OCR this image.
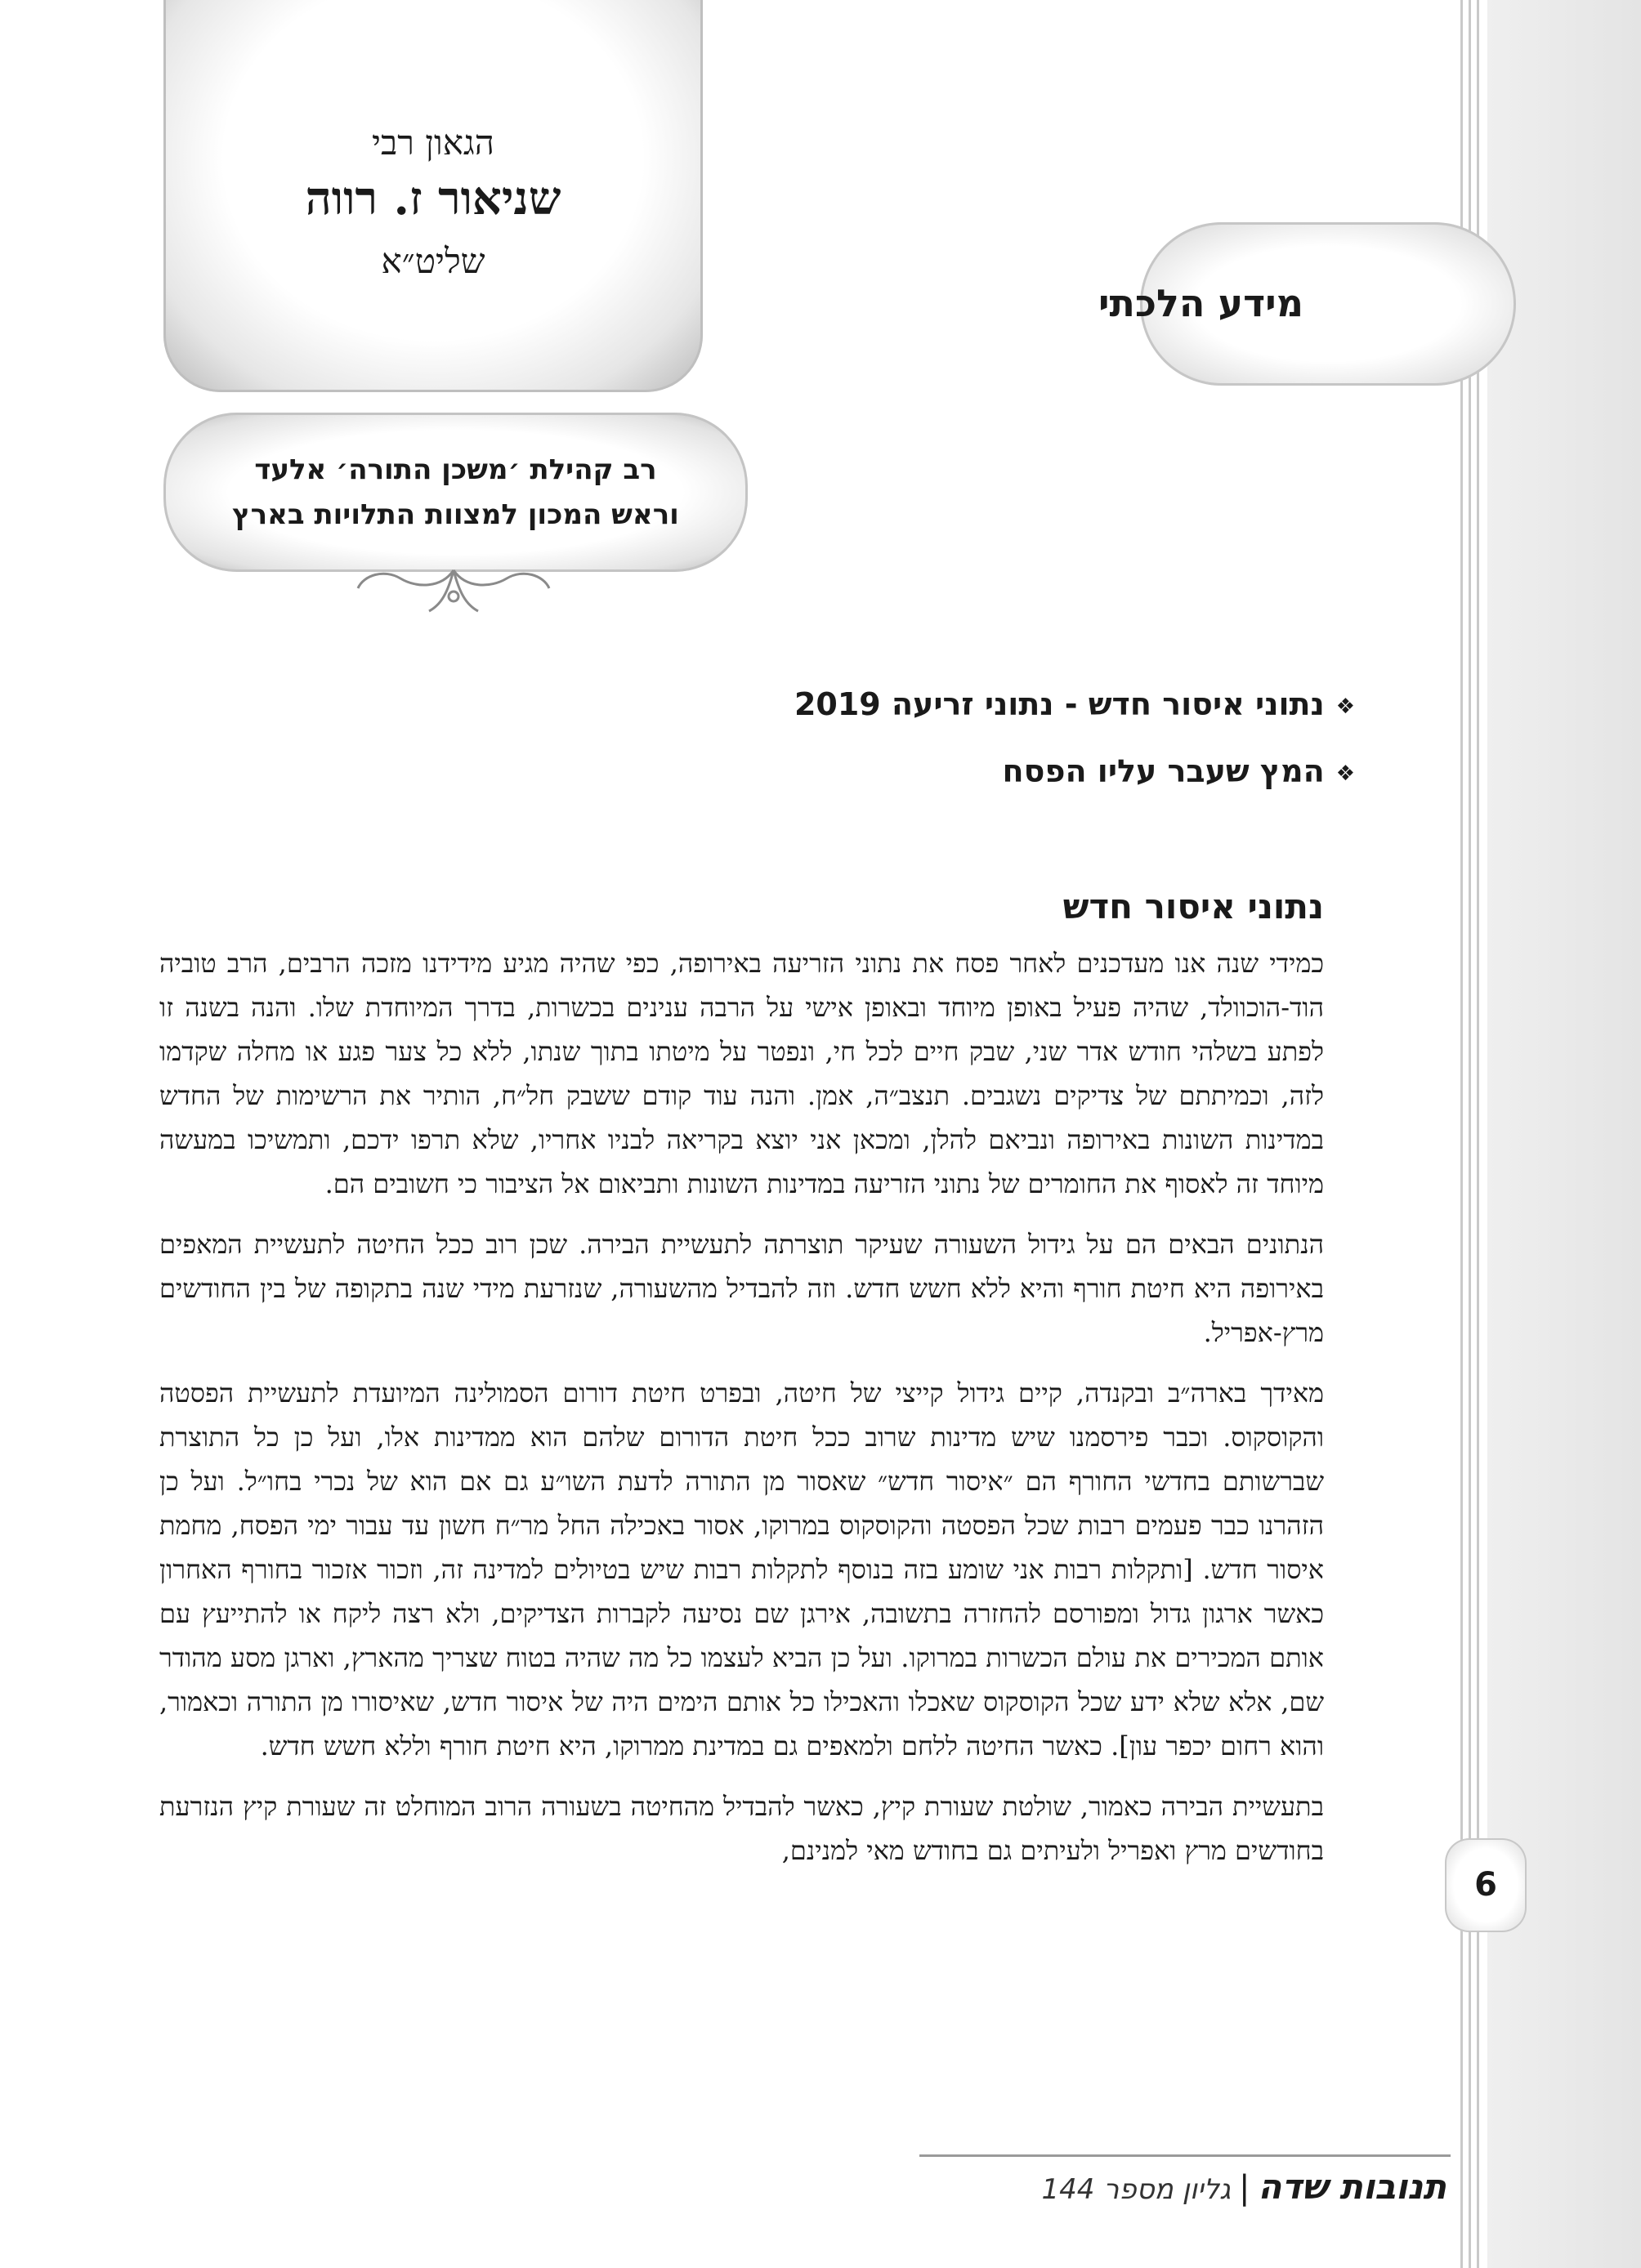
הגאון רבי
שניאור ז. רווה
שליט״א
רב קהילת ׳משכן התורה׳ אלעד
וראש המכון למצוות התלויות בארץ
מידע הלכתי
❖נתוני איסור חדש - נתוני זריעה 2019
❖המץ שעבר עליו הפסח
נתוני איסור חדש

כמידי שנה אנו מעדכנים לאחר פסח את נתוני הזריעה באירופה, כפי שהיה מגיע מידידנו מזכה הרבים, הרב טוביה הוד-הוכוולד, שהיה פעיל באופן מיוחד ובאופן אישי על הרבה ענינים בכשרות, בדרך המיוחדת שלו. והנה בשנה זו לפתע בשלהי חודש אדר שני, שבק חיים לכל חי, ונפטר על מיטתו בתוך שנתו, ללא כל צער פגע או מחלה שקדמו לזה, וכמיתתם של צדיקים נשגבים. תנצב״ה, אמן. והנה עוד קודם ששבק חל״ח, הותיר את הרשימות של החדש במדינות השונות באירופה ונביאם להלן, ומכאן אני יוצא בקריאה לבניו אחריו, שלא תרפו ידכם, ותמשיכו במעשה מיוחד זה לאסוף את החומרים של נתוני הזריעה במדינות השונות ותביאום אל הציבור כי חשובים הם.

הנתונים הבאים הם על גידול השעורה שעיקר תוצרתה לתעשיית הבירה. שכן רוב ככל החיטה לתעשיית המאפים באירופה היא חיטת חורף והיא ללא חשש חדש. וזה להבדיל מהשעורה, שנזרעת מידי שנה בתקופה של בין החודשים מרץ-אפריל.

מאידך בארה״ב ובקנדה, קיים גידול קייצי של חיטה, ובפרט חיטת דורום הסמולינה המיועדת לתעשיית הפסטה והקוסקוס. וכבר פירסמנו שיש מדינות שרוב ככל חיטת הדורום שלהם הוא ממדינות אלו, ועל כן כל התוצרת שברשותם בחדשי החורף הם ״איסור חדש״ שאסור מן התורה לדעת השו״ע גם אם הוא של נכרי בחו״ל. ועל כן הזהרנו כבר פעמים רבות שכל הפסטה והקוסקוס במרוקו, אסור באכילה החל מר״ח חשון עד עבור ימי הפסח, מחמת איסור חדש. [ותקלות רבות אני שומע בזה בנוסף לתקלות רבות שיש בטיולים למדינה זה, וזכור אזכור בחורף האחרון כאשר ארגון גדול ומפורסם להחזרה בתשובה, אירגן שם נסיעה לקברות הצדיקים, ולא רצה ליקח או להתייעץ עם אותם המכירים את עולם הכשרות במרוקו. ועל כן הביא לעצמו כל מה שהיה בטוח שצריך מהארץ, וארגן מסע מהודר שם, אלא שלא ידע שכל הקוסקוס שאכלו והאכילו כל אותם הימים היה של איסור חדש, שאיסורו מן התורה וכאמור, והוא רחום יכפר עון]. כאשר החיטה ללחם ולמאפים גם במדינת ממרוקו, היא חיטת חורף וללא חשש חדש.

בתעשיית הבירה כאמור, שולטת שעורת קיץ, כאשר להבדיל מהחיטה בשעורה הרוב המוחלט זה שעורת קיץ הנזרעת בחודשים מרץ ואפריל ולעיתים גם בחודש מאי למנינם,

6
תנובות שדה|גליון מספר 144
